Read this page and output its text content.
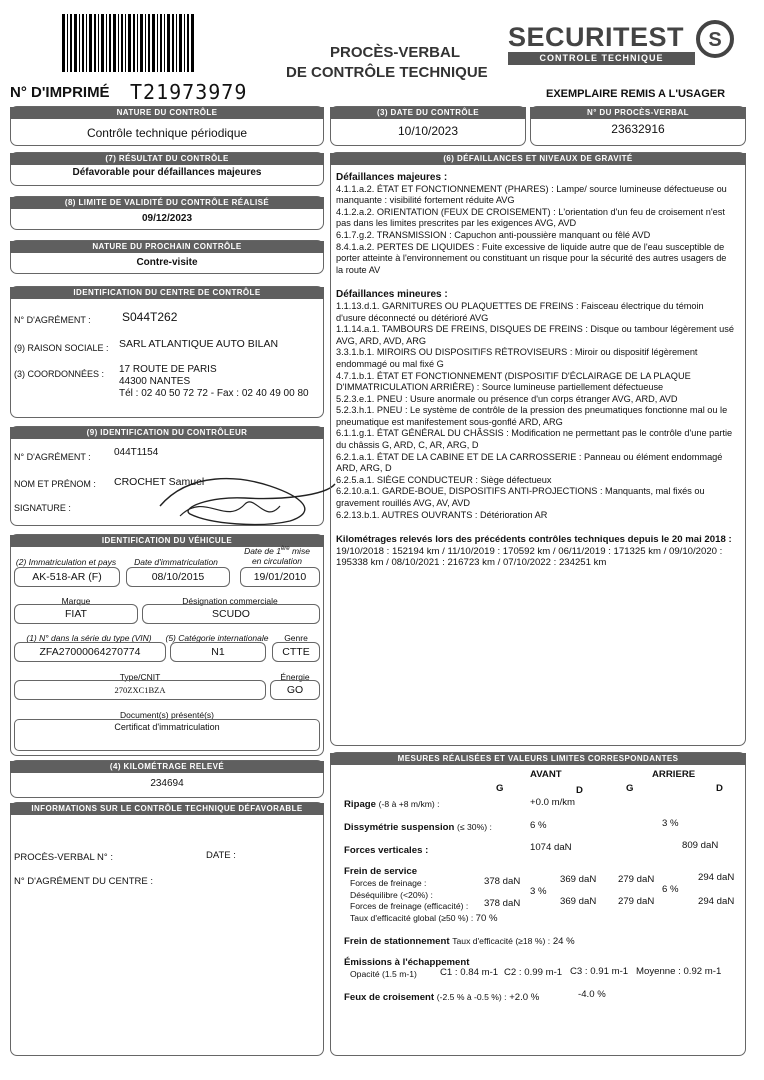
N° D'IMPRIMÉ T21973979
PROCÈS-VERBAL
DE CONTRÔLE TECHNIQUE
SECURITEST
CONTROLE TECHNIQUE
S
EXEMPLAIRE REMIS A L'USAGER
NATURE DU CONTRÔLE
Contrôle technique périodique
(7) RÉSULTAT DU CONTRÔLE
Défavorable pour défaillances majeures
(8) LIMITE DE VALIDITÉ DU CONTRÔLE RÉALISÉ
09/12/2023
NATURE DU PROCHAIN CONTRÔLE
Contre-visite
IDENTIFICATION DU CENTRE DE CONTRÔLE
N° D'AGRÉMENT :	S044T262
(9) RAISON SOCIALE : SARL ATLANTIQUE AUTO BILAN
(3) COORDONNÉES : 17 ROUTE DE PARIS
44300 NANTES
Tél : 02 40 50 72 72 - Fax : 02 40 49 00 80
(9) IDENTIFICATION DU CONTRÔLEUR
N° D'AGRÉMENT : 044T1154
NOM ET PRÉNOM : CROCHET Samuel
SIGNATURE :
IDENTIFICATION DU VÉHICULE
(2) Immatriculation et pays
AK-518-AR (F)
Date d'immatriculation
08/10/2015
Date de 1ère mise
en circulation
19/01/2010
Marque
FIAT
Désignation commerciale
SCUDO
(1) N° dans la série du type (VIN)
ZFA27000064270774
(5) Catégorie internationale
N1
Genre
CTTE
Type/CNIT
270ZXC1BZA
Énergie
GO
Document(s) présenté(s)
Certificat d'immatriculation
(4) KILOMÉTRAGE RELEVÉ
234694
INFORMATIONS SUR LE CONTRÔLE TECHNIQUE DÉFAVORABLE
PROCÈS-VERBAL N° :	DATE :
N° D'AGRÉMENT DU CENTRE :
(3) DATE DU CONTRÔLE
10/10/2023
N° DU PROCÈS-VERBAL
23632916
(6) DÉFAILLANCES ET NIVEAUX DE GRAVITÉ

Défaillances majeures :

4.1.1.a.2. ÉTAT ET FONCTIONNEMENT (PHARES) : Lampe/ source lumineuse défectueuse ou manquante : visibilité fortement réduite AVG

4.1.2.a.2. ORIENTATION (FEUX DE CROISEMENT) : L'orientation d'un feu de croisement n'est pas dans les limites prescrites par les exigences AVG, AVD

6.1.7.g.2. TRANSMISSION : Capuchon anti-poussière manquant ou fêlé AVD

8.4.1.a.2. PERTES DE LIQUIDES : Fuite excessive de liquide autre que de l'eau susceptible de porter atteinte à l'environnement ou constituant un risque pour la sécurité des autres usagers de la route AV

Défaillances mineures :

1.1.13.d.1. GARNITURES OU PLAQUETTES DE FREINS : Faisceau électrique du témoin d'usure déconnecté ou détérioré AVG

1.1.14.a.1. TAMBOURS DE FREINS, DISQUES DE FREINS : Disque ou tambour légèrement usé AVG, ARD, AVD, ARG

3.3.1.b.1. MIROIRS OU DISPOSITIFS RÉTROVISEURS : Miroir ou dispositif légèrement endommagé ou mal fixé G

4.7.1.b.1. ÉTAT ET FONCTIONNEMENT (DISPOSITIF D'ÉCLAIRAGE DE LA PLAQUE D'IMMATRICULATION ARRIÈRE) : Source lumineuse partiellement défectueuse

5.2.3.e.1. PNEU : Usure anormale ou présence d'un corps étranger AVG, ARD, AVD

5.2.3.h.1. PNEU : Le système de contrôle de la pression des pneumatiques fonctionne mal ou le pneumatique est manifestement sous-gonflé ARD, ARG

6.1.1.g.1. ÉTAT GÉNÉRAL DU CHÂSSIS : Modification ne permettant pas le contrôle d'une partie du châssis G, ARD, C, AR, ARG, D

6.2.1.a.1. ÉTAT DE LA CABINE ET DE LA CARROSSERIE : Panneau ou élément endommagé ARD, ARG, D

6.2.5.a.1. SIÈGE CONDUCTEUR : Siège défectueux

6.2.10.a.1. GARDE-BOUE, DISPOSITIFS ANTI-PROJECTIONS : Manquants, mal fixés ou gravement rouillés AVG, AV, AVD

6.2.13.b.1. AUTRES OUVRANTS : Détérioration AR

Kilométrages relevés lors des précédents contrôles techniques depuis le 20 mai 2018 : 19/10/2018 : 152194 km / 11/10/2019 : 170592 km / 06/11/2019 : 171325 km / 09/10/2020 : 195338 km / 08/10/2021 : 216723 km / 07/10/2022 : 234251 km

MESURES RÉALISÉES ET VALEURS LIMITES CORRESPONDANTES
AVANT	ARRIERE
G	D	G	D
Ripage (-8 à +8 m/km) :	+0.0 m/km
Dissymétrie suspension (≤ 30%) :	6 %	3 %
Forces verticales :	1074 daN	809 daN
Frein de service
Forces de freinage :	378 daN	369 daN 279 daN	294 daN
Déséquilibre (<20%) :	3 %	6 %
Forces de freinage (efficacité) : 378 daN	369 daN 279 daN	294 daN
Taux d'efficacité global (≥50 %) : 70 %
Frein de stationnement Taux d'efficacité (≥18 %) : 24 %
Émissions à l'échappement
Opacité (1.5 m-1) C1 : 0.84 m-1 C2 : 0.99 m-1 C3 : 0.91 m-1 Moyenne : 0.92 m-1
Feux de croisement (-2.5 % à -0.5 %) : +2.0 %	-4.0 %
